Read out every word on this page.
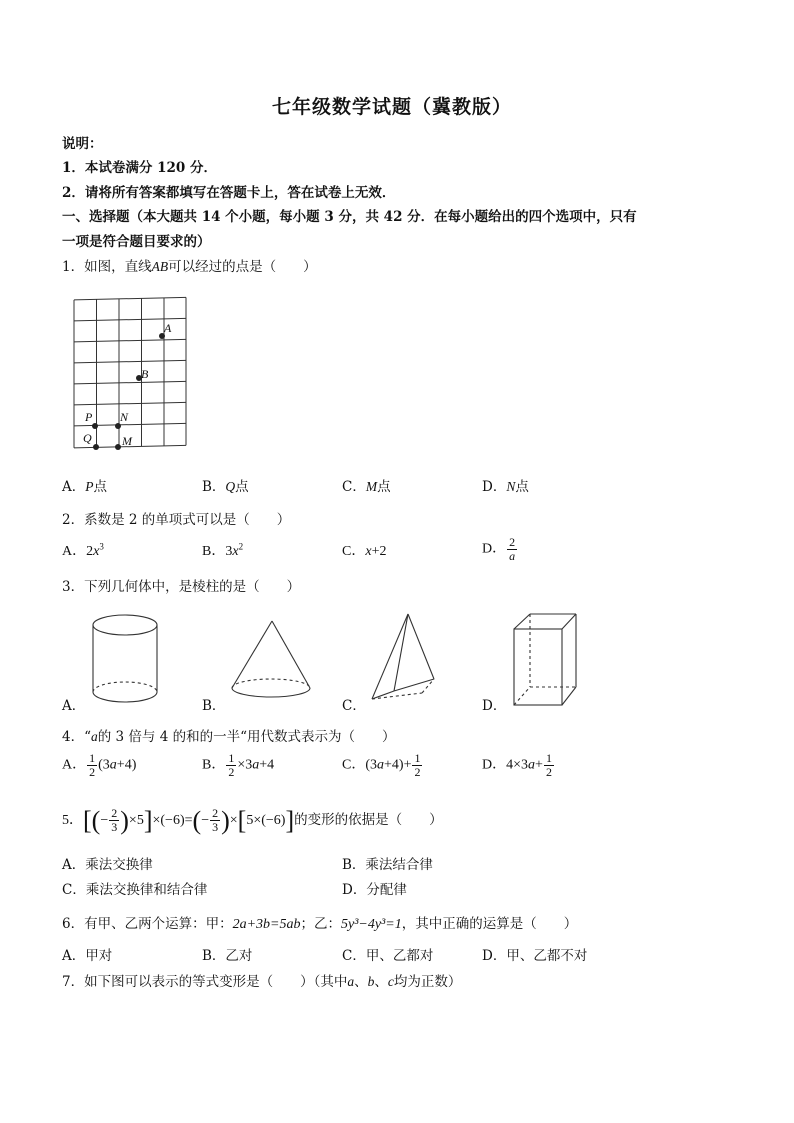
七年级数学试题（冀教版）
说明：
1．本试卷满分 120 分．
2．请将所有答案都填写在答题卡上，答在试卷上无效．
一、选择题（本大题共 14 个小题，每小题 3 分，共 42 分．在每小题给出的四个选项中，只有
一项是符合题目要求的）
1．如图，直线AB可以经过的点是（　　）
A
B
P N
Q	M
A．P点	B．Q点	C．M点	D．N点
2．系数是 2 的单项式可以是（　　）
A．$2x^3$	B．$3x^2$	C．x+2	D． $\frac{2}{a}$
3．下列几何体中，是棱柱的是（　　）
A．	B．	C．	D．
4．“a的 3 倍与 4 的和的一半“用代数式表示为（　　）
A． $\frac{1}{2} (3a+4)$	B． $\frac{1}{2} \times 3a+4$	C．$(3a+4)+ \frac{1}{2}$	D．$4\times 3a+ \frac{1}{2}$
5．[(− $\frac{2}{3} )\times 5]\times(-6)=(- \frac{2}{3} )\times[5\times(-6)]$的变形的依据是（　　）
A．乘法交换律	B．乘法结合律
C．乘法交换律和结合律	D．分配律
6．有甲、乙两个运算：甲：2a+3b=5ab；乙：5y³−4y³=1，其中正确的运算是（　　）
A．甲对	B．乙对	C．甲、乙都对	D．甲、乙都不对
7．如下图可以表示的等式变形是（　　）（其中a、b、c均为正数）
